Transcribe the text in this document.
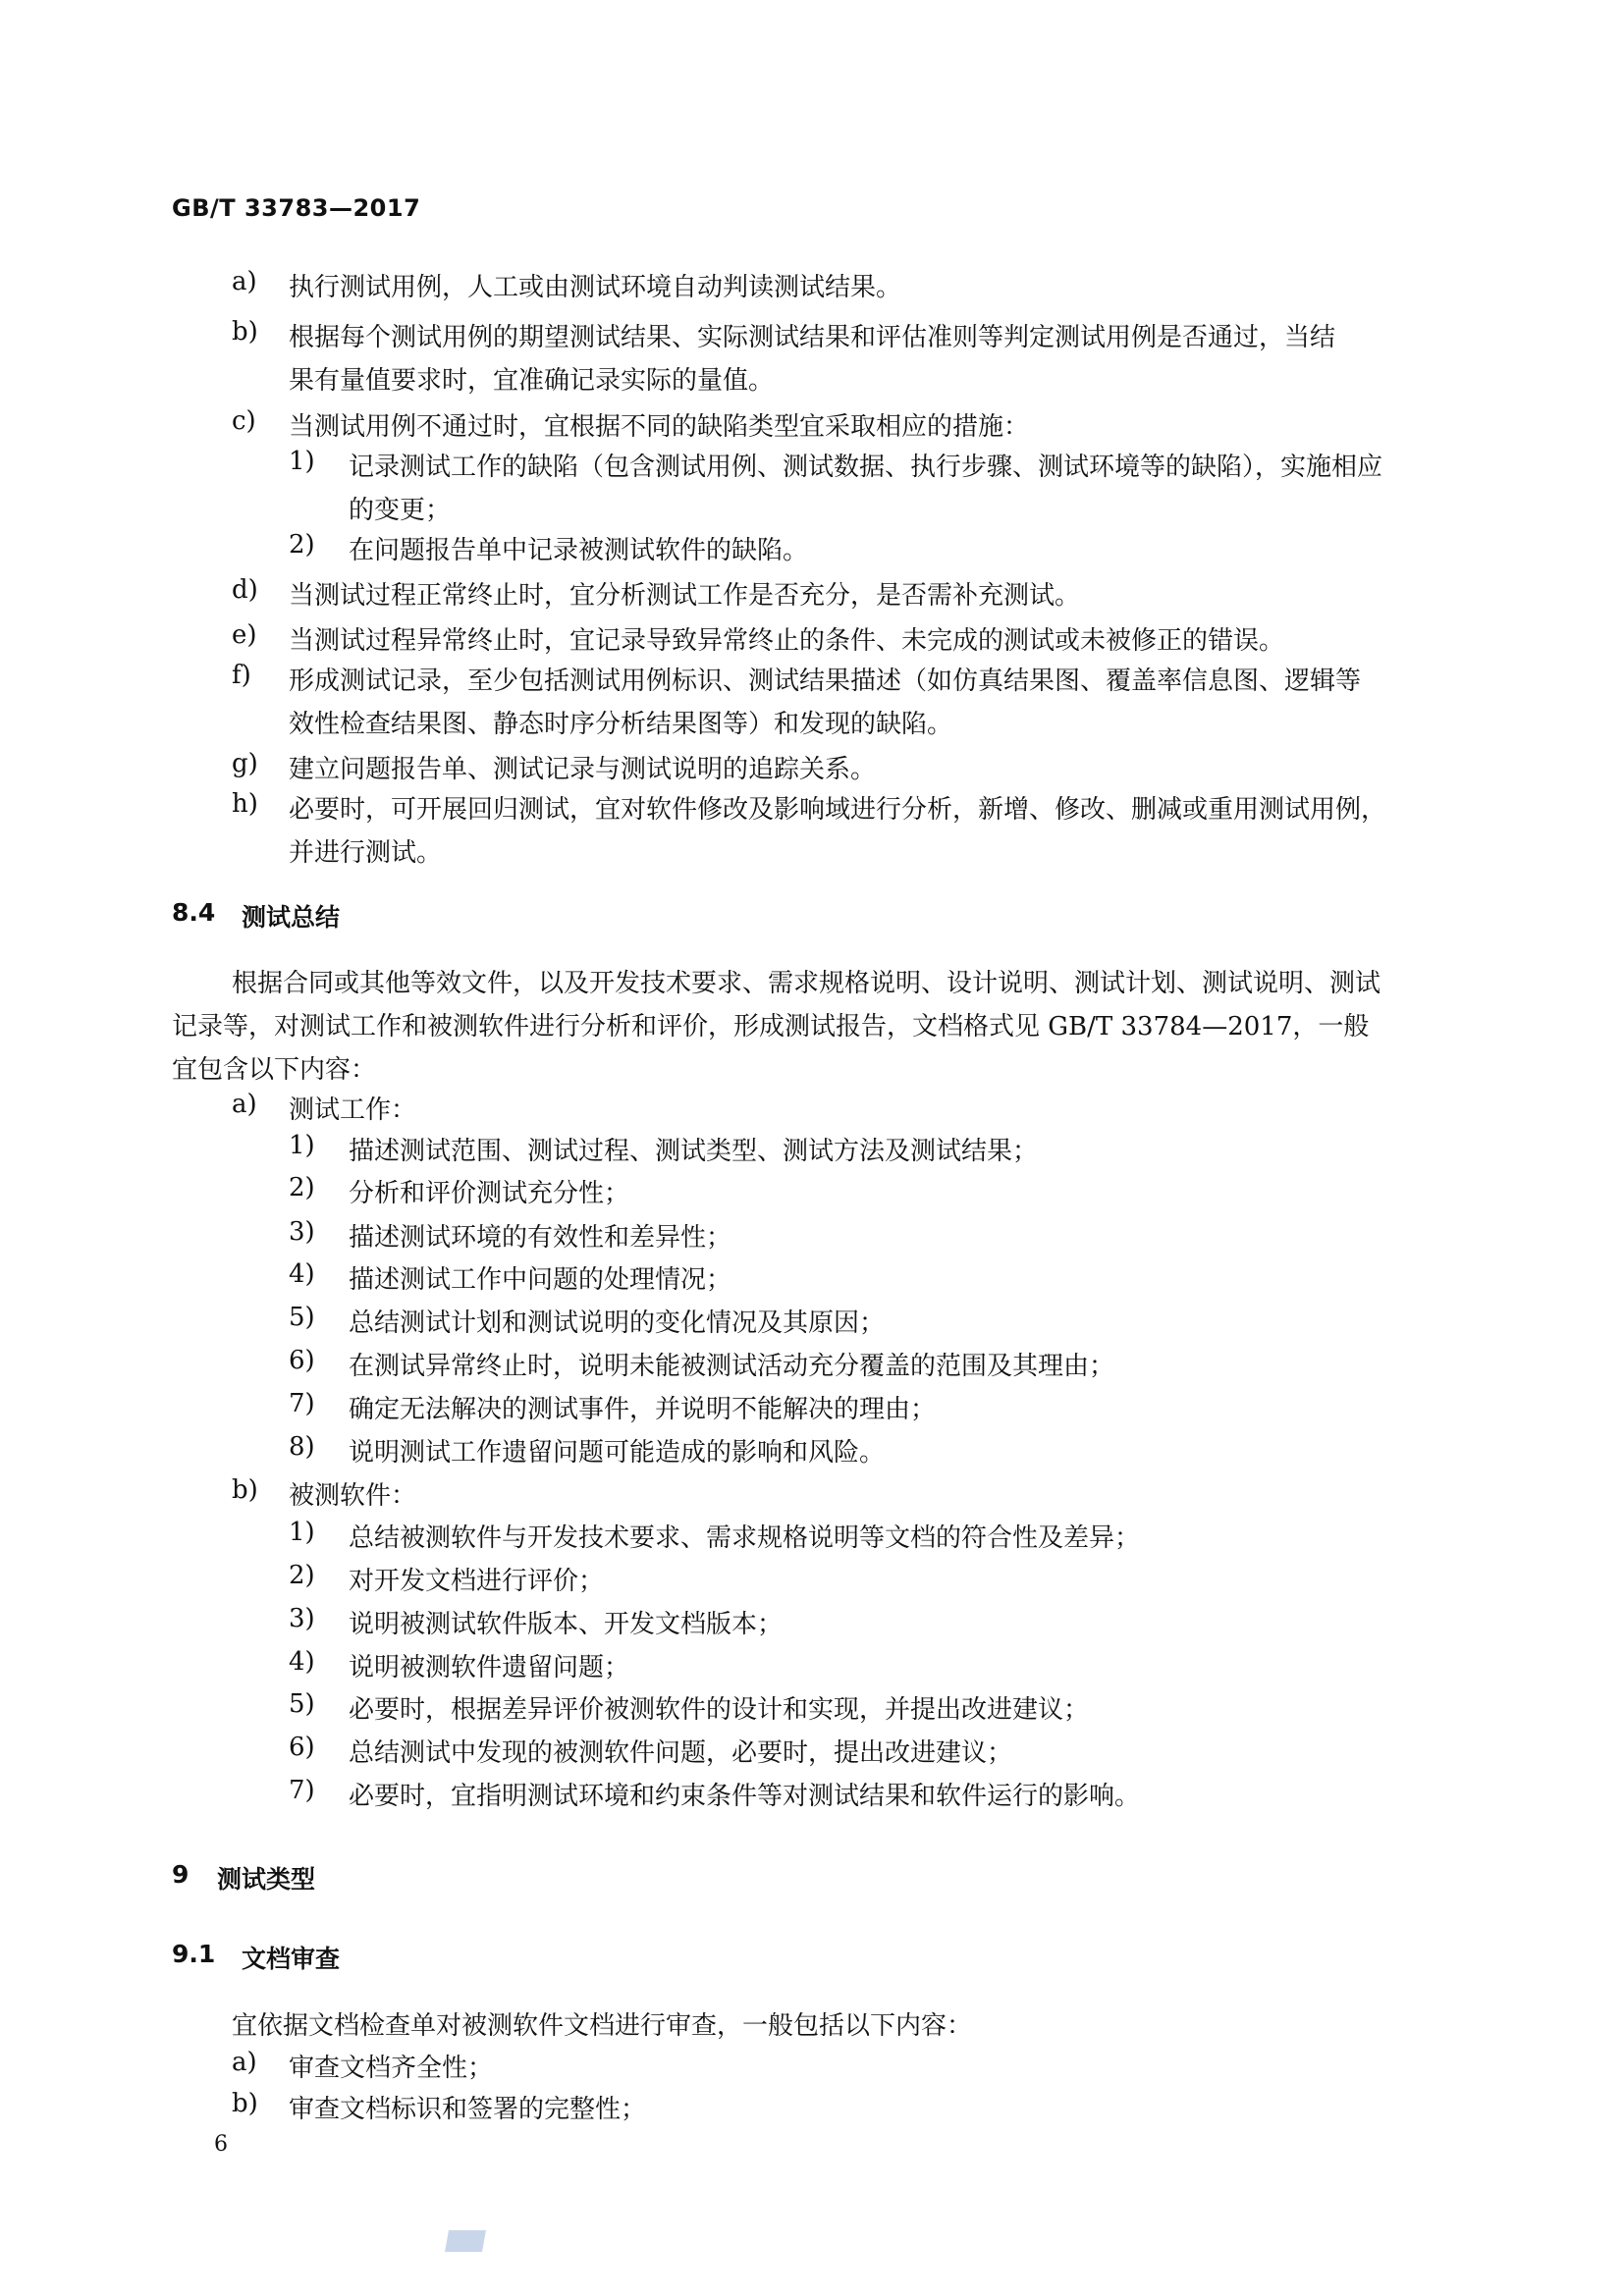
GB/T 33783—2017
a) 执行测试用例，人工或由测试环境自动判读测试结果。
b) 根据每个测试用例的期望测试结果、实际测试结果和评估准则等判定测试用例是否通过，当结
果有量值要求时，宜准确记录实际的量值。
c) 当测试用例不通过时，宜根据不同的缺陷类型宜采取相应的措施：
1) 记录测试工作的缺陷（包含测试用例、测试数据、执行步骤、测试环境等的缺陷），实施相应
的变更；
2) 在问题报告单中记录被测试软件的缺陷。
d) 当测试过程正常终止时，宜分析测试工作是否充分，是否需补充测试。
e) 当测试过程异常终止时，宜记录导致异常终止的条件、未完成的测试或未被修正的错误。
f) 形成测试记录，至少包括测试用例标识、测试结果描述（如仿真结果图、覆盖率信息图、逻辑等
效性检查结果图、静态时序分析结果图等）和发现的缺陷。
g) 建立问题报告单、测试记录与测试说明的追踪关系。
h) 必要时，可开展回归测试，宜对软件修改及影响域进行分析，新增、修改、删减或重用测试用例，
并进行测试。
8.4 测试总结
根据合同或其他等效文件，以及开发技术要求、需求规格说明、设计说明、测试计划、测试说明、测试
记录等，对测试工作和被测软件进行分析和评价，形成测试报告，文档格式见 GB/T 33784—2017，一般
宜包含以下内容：
a) 测试工作：
1) 描述测试范围、测试过程、测试类型、测试方法及测试结果；
2) 分析和评价测试充分性；
3) 描述测试环境的有效性和差异性；
4) 描述测试工作中问题的处理情况；
5) 总结测试计划和测试说明的变化情况及其原因；
6) 在测试异常终止时，说明未能被测试活动充分覆盖的范围及其理由；
7) 确定无法解决的测试事件，并说明不能解决的理由；
8) 说明测试工作遗留问题可能造成的影响和风险。
b) 被测软件：
1) 总结被测软件与开发技术要求、需求规格说明等文档的符合性及差异；
2) 对开发文档进行评价；
3) 说明被测试软件版本、开发文档版本；
4) 说明被测软件遗留问题；
5) 必要时，根据差异评价被测软件的设计和实现，并提出改进建议；
6) 总结测试中发现的被测软件问题，必要时，提出改进建议；
7) 必要时，宜指明测试环境和约束条件等对测试结果和软件运行的影响。
9 测试类型
9.1 文档审查
宜依据文档检查单对被测软件文档进行审查，一般包括以下内容：
a) 审查文档齐全性；
b) 审查文档标识和签署的完整性；
6
